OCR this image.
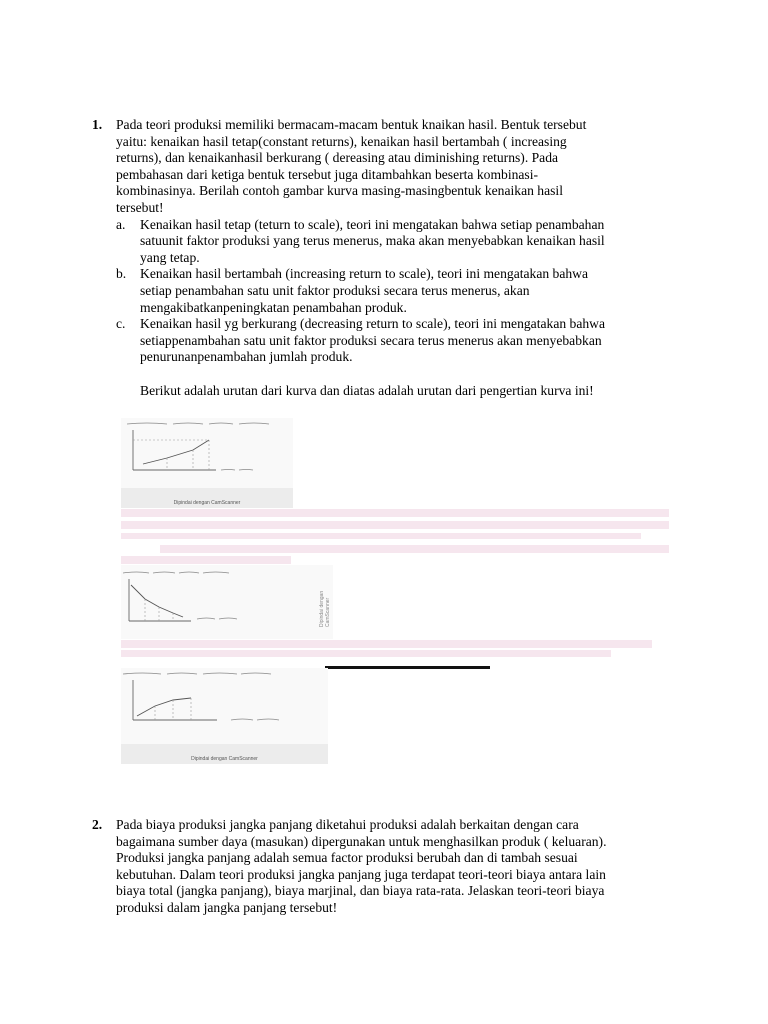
1. Pada teori produksi memiliki bermacam-macam bentuk knaikan hasil. Bentuk tersebut
yaitu: kenaikan hasil tetap(constant returns), kenaikan hasil bertambah ( increasing
returns), dan kenaikanhasil berkurang ( dereasing atau diminishing returns). Pada
pembahasan dari ketiga bentuk tersebut juga ditambahkan beserta kombinasi-
kombinasinya. Berilah contoh gambar kurva masing-masingbentuk kenaikan hasil
tersebut!
a. Kenaikan hasil tetap (teturn to scale), teori ini mengatakan bahwa setiap penambahan
satuunit faktor produksi yang terus menerus, maka akan menyebabkan kenaikan hasil
yang tetap.
b. Kenaikan hasil bertambah (increasing return to scale), teori ini mengatakan bahwa
setiap penambahan satu unit faktor produksi secara terus menerus, akan
mengakibatkanpeningkatan penambahan produk.
c. Kenaikan hasil yg berkurang (decreasing return to scale), teori ini mengatakan bahwa
setiappenambahan satu unit faktor produksi secara terus menerus akan menyebabkan
penurunanpenambahan jumlah produk.
Berikut adalah urutan dari kurva dan diatas adalah urutan dari pengertian kurva ini!
Dipindai dengan CamScanner
Dipindai dengan CamScanner
Dipindai dengan CamScanner
2. Pada biaya produksi jangka panjang diketahui produksi adalah berkaitan dengan cara
bagaimana sumber daya (masukan) dipergunakan untuk menghasilkan produk ( keluaran).
Produksi jangka panjang adalah semua factor produksi berubah dan di tambah sesuai
kebutuhan. Dalam teori produksi jangka panjang juga terdapat teori-teori biaya antara lain
biaya total (jangka panjang), biaya marjinal, dan biaya rata-rata. Jelaskan teori-teori biaya
produksi dalam jangka panjang tersebut!
